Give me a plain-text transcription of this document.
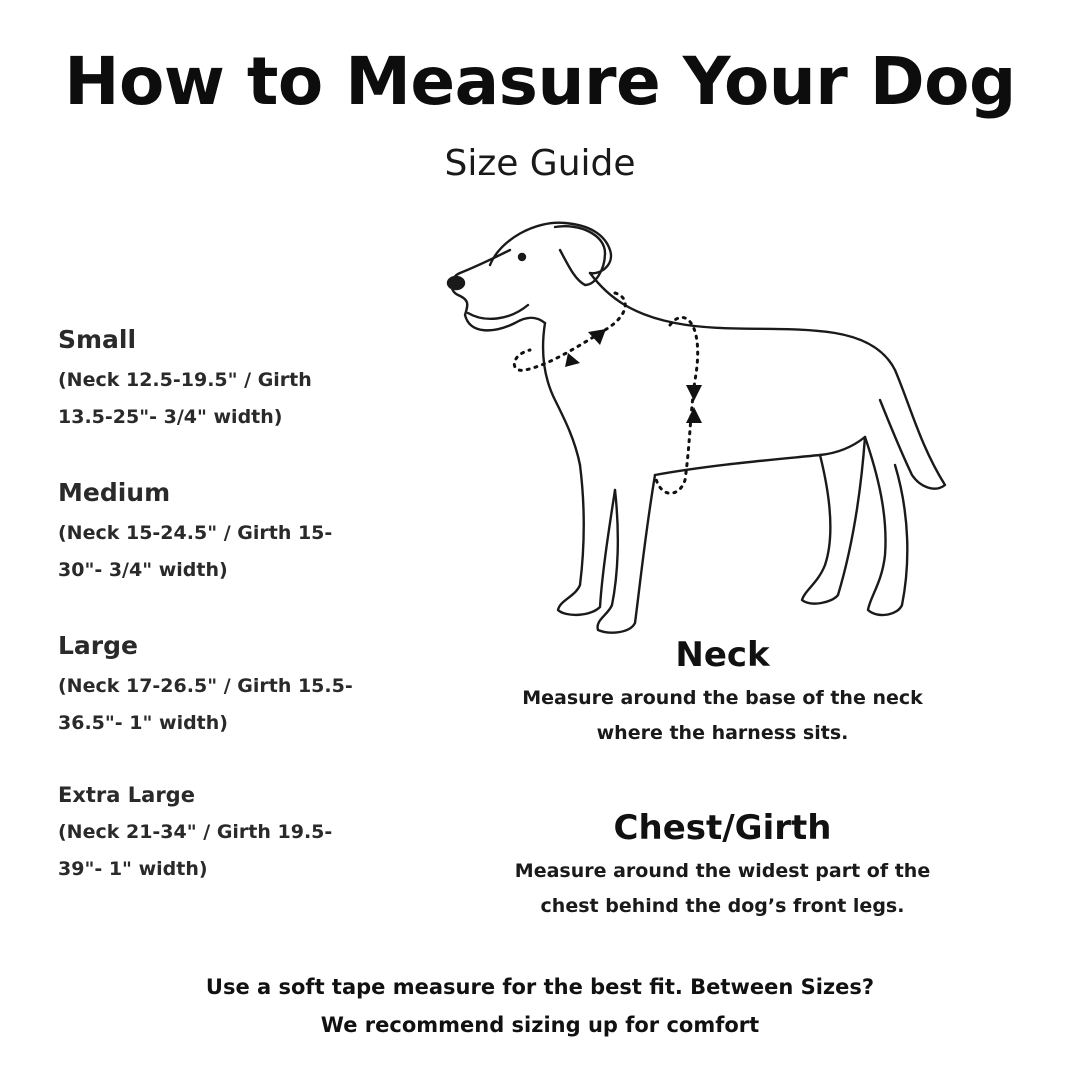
How to Measure Your Dog
Size Guide
Small
(Neck 12.5-19.5" / Girth
13.5-25"- 3/4" width)
Medium
(Neck 15-24.5" / Girth 15-
30"- 3/4" width)
Large
(Neck 17-26.5" / Girth 15.5-
36.5"- 1" width)
Extra Large
(Neck 21-34" / Girth 19.5-
39"- 1" width)
Neck
Measure around the base of the neck
where the harness sits.
Chest/Girth
Measure around the widest part of the
chest behind the dog’s front legs.
Use a soft tape measure for the best fit. Between Sizes?
We recommend sizing up for comfort
